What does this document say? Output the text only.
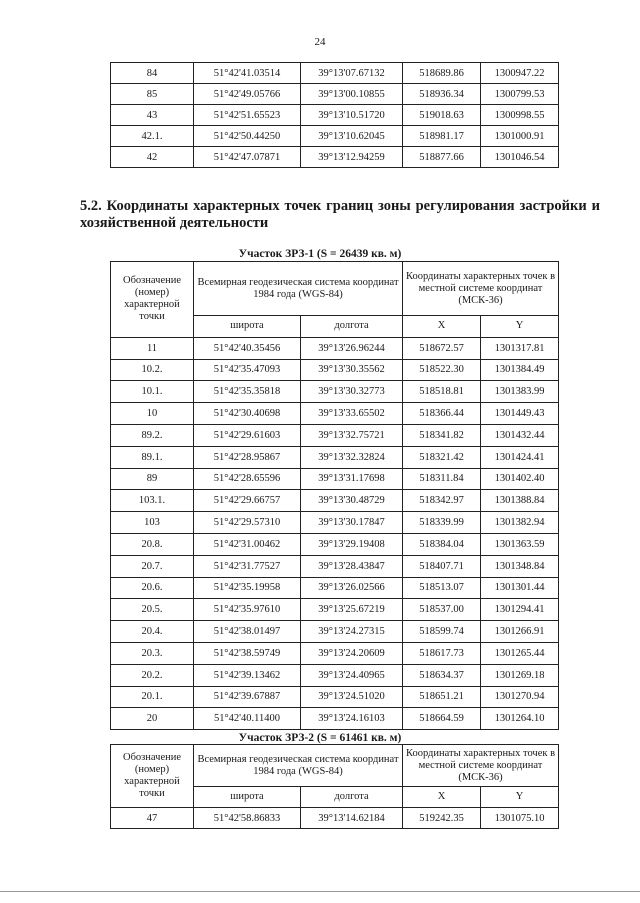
24
84	51°42'41.03514	39°13'07.67132	518689.86	1300947.22
85	51°42'49.05766	39°13'00.10855	518936.34	1300799.53
43	51°42'51.65523	39°13'10.51720	519018.63	1300998.55
42.1.	51°42'50.44250	39°13'10.62045	518981.17	1301000.91
42	51°42'47.07871	39°13'12.94259	518877.66	1301046.54
5.2. Координаты характерных точек границ зоны регулирования застройки и хозяйственной деятельности
Участок ЗРЗ-1 (S = 26439 кв. м)
Обозначение (номер) характерной точки	Всемирная геодезическая система координат 1984 года (WGS-84)		Координаты характерных точек в местной системе координат (МСК-36)	
	широта	долгота	X	Y
11	51°42'40.35456	39°13'26.96244	518672.57	1301317.81
10.2.	51°42'35.47093	39°13'30.35562	518522.30	1301384.49
10.1.	51°42'35.35818	39°13'30.32773	518518.81	1301383.99
10	51°42'30.40698	39°13'33.65502	518366.44	1301449.43
89.2.	51°42'29.61603	39°13'32.75721	518341.82	1301432.44
89.1.	51°42'28.95867	39°13'32.32824	518321.42	1301424.41
89	51°42'28.65596	39°13'31.17698	518311.84	1301402.40
103.1.	51°42'29.66757	39°13'30.48729	518342.97	1301388.84
103	51°42'29.57310	39°13'30.17847	518339.99	1301382.94
20.8.	51°42'31.00462	39°13'29.19408	518384.04	1301363.59
20.7.	51°42'31.77527	39°13'28.43847	518407.71	1301348.84
20.6.	51°42'35.19958	39°13'26.02566	518513.07	1301301.44
20.5.	51°42'35.97610	39°13'25.67219	518537.00	1301294.41
20.4.	51°42'38.01497	39°13'24.27315	518599.74	1301266.91
20.3.	51°42'38.59749	39°13'24.20609	518617.73	1301265.44
20.2.	51°42'39.13462	39°13'24.40965	518634.37	1301269.18
20.1.	51°42'39.67887	39°13'24.51020	518651.21	1301270.94
20	51°42'40.11400	39°13'24.16103	518664.59	1301264.10
Участок ЗРЗ-2 (S = 61461 кв. м)
Обозначение (номер) характерной точки	Всемирная геодезическая система координат 1984 года (WGS-84)		Координаты характерных точек в местной системе координат (МСК-36)	
	широта	долгота	X	Y
47	51°42'58.86833	39°13'14.62184	519242.35	1301075.10
